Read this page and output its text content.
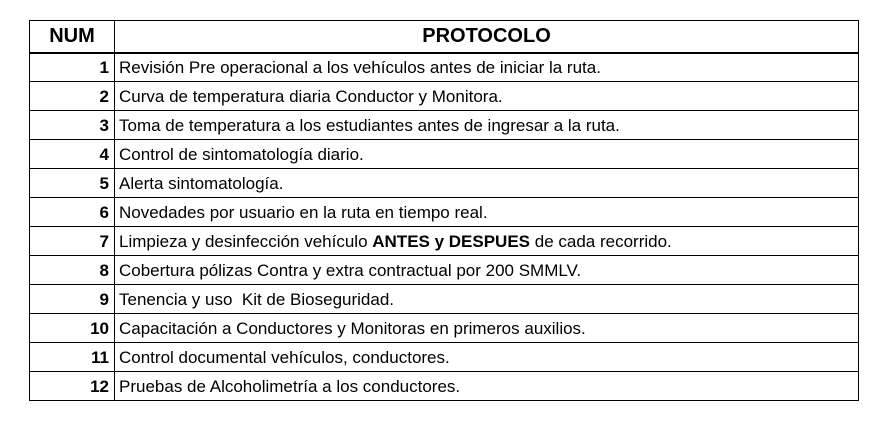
NUM	PROTOCOLO
1	Revisión Pre operacional a los vehículos antes de iniciar la ruta.
2	Curva de temperatura diaria Conductor y Monitora.
3	Toma de temperatura a los estudiantes antes de ingresar a la ruta.
4	Control de sintomatología diario.
5	Alerta sintomatología.
6	Novedades por usuario en la ruta en tiempo real.
7	Limpieza y desinfección vehículo ANTES y DESPUES de cada recorrido.
8	Cobertura pólizas Contra y extra contractual por 200 SMMLV.
9	Tenencia y uso  Kit de Bioseguridad.
10	Capacitación a Conductores y Monitoras en primeros auxilios.
11	Control documental vehículos, conductores.
12	Pruebas de Alcoholimetría a los conductores.
